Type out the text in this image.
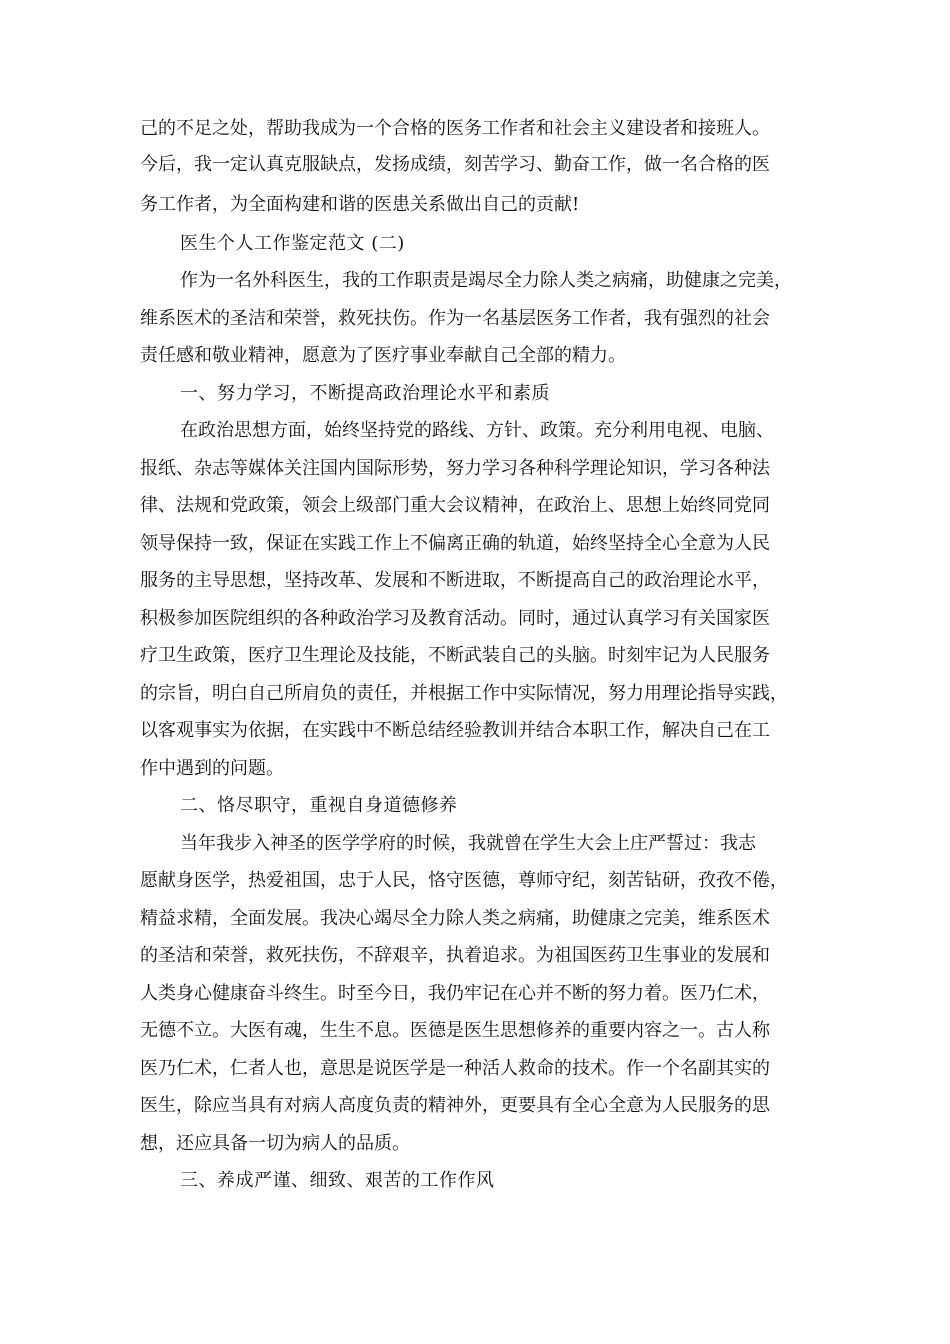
己的不足之处，帮助我成为一个合格的医务工作者和社会主义建设者和接班人。
今后，我一定认真克服缺点，发扬成绩，刻苦学习、勤奋工作，做一名合格的医
务工作者，为全面构建和谐的医患关系做出自己的贡献!
医生个人工作鉴定范文 (二)
作为一名外科医生，我的工作职责是竭尽全力除人类之病痛，助健康之完美，
维系医术的圣洁和荣誉，救死扶伤。作为一名基层医务工作者，我有强烈的社会
责任感和敬业精神，愿意为了医疗事业奉献自己全部的精力。
一、努力学习，不断提高政治理论水平和素质
在政治思想方面，始终坚持党的路线、方针、政策。充分利用电视、电脑、
报纸、杂志等媒体关注国内国际形势，努力学习各种科学理论知识，学习各种法
律、法规和党政策，领会上级部门重大会议精神，在政治上、思想上始终同党同
领导保持一致，保证在实践工作上不偏离正确的轨道，始终坚持全心全意为人民
服务的主导思想，坚持改革、发展和不断进取，不断提高自己的政治理论水平，
积极参加医院组织的各种政治学习及教育活动。同时，通过认真学习有关国家医
疗卫生政策，医疗卫生理论及技能，不断武装自己的头脑。时刻牢记为人民服务
的宗旨，明白自己所肩负的责任，并根据工作中实际情况，努力用理论指导实践，
以客观事实为依据，在实践中不断总结经验教训并结合本职工作，解决自己在工
作中遇到的问题。
二、恪尽职守，重视自身道德修养
当年我步入神圣的医学学府的时候，我就曾在学生大会上庄严誓过：我志
愿献身医学，热爱祖国，忠于人民，恪守医德，尊师守纪，刻苦钻研，孜孜不倦，
精益求精，全面发展。我决心竭尽全力除人类之病痛，助健康之完美，维系医术
的圣洁和荣誉，救死扶伤，不辞艰辛，执着追求。为祖国医药卫生事业的发展和
人类身心健康奋斗终生。时至今日，我仍牢记在心并不断的努力着。医乃仁术，
无德不立。大医有魂，生生不息。医德是医生思想修养的重要内容之一。古人称
医乃仁术，仁者人也，意思是说医学是一种活人救命的技术。作一个名副其实的
医生，除应当具有对病人高度负责的精神外，更要具有全心全意为人民服务的思
想，还应具备一切为病人的品质。
三、养成严谨、细致、艰苦的工作作风
